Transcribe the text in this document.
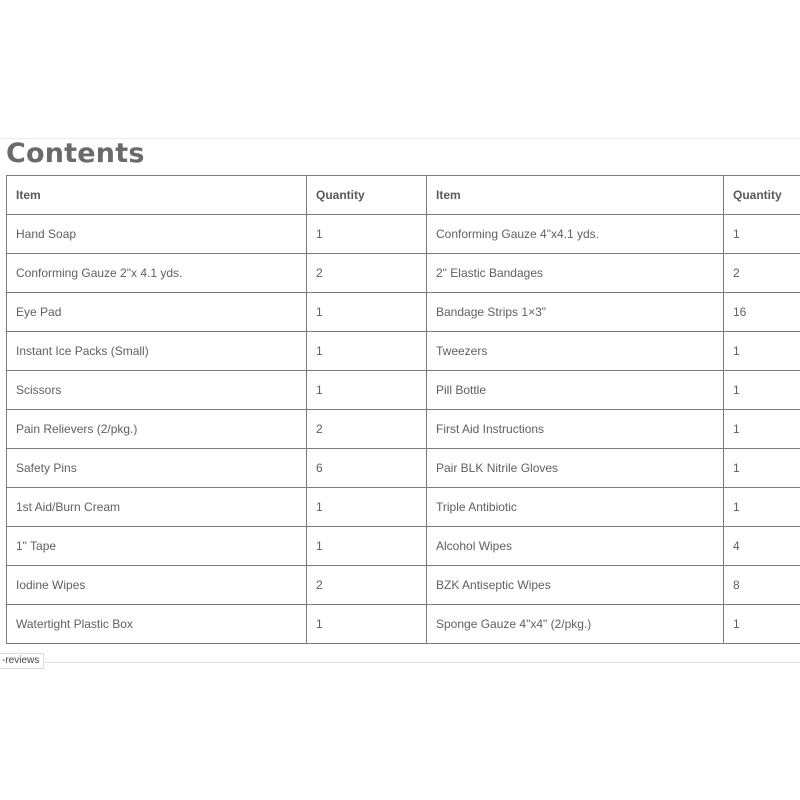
Contents
Item	Quantity	Item	Quantity
Hand Soap	1	Conforming Gauze 4"x4.1 yds.	1
Conforming Gauze 2"x 4.1 yds.	2	2" Elastic Bandages	2
Eye Pad	1	Bandage Strips 1×3"	16
Instant Ice Packs (Small)	1	Tweezers	1
Scissors	1	Pill Bottle	1
Pain Relievers (2/pkg.)	2	First Aid Instructions	1
Safety Pins	6	Pair BLK Nitrile Gloves	1
1st Aid/Burn Cream	1	Triple Antibiotic	1
1" Tape	1	Alcohol Wipes	4
Iodine Wipes	2	BZK Antiseptic Wipes	8
Watertight Plastic Box	1	Sponge Gauze 4"x4" (2/pkg.)	1
-reviews
